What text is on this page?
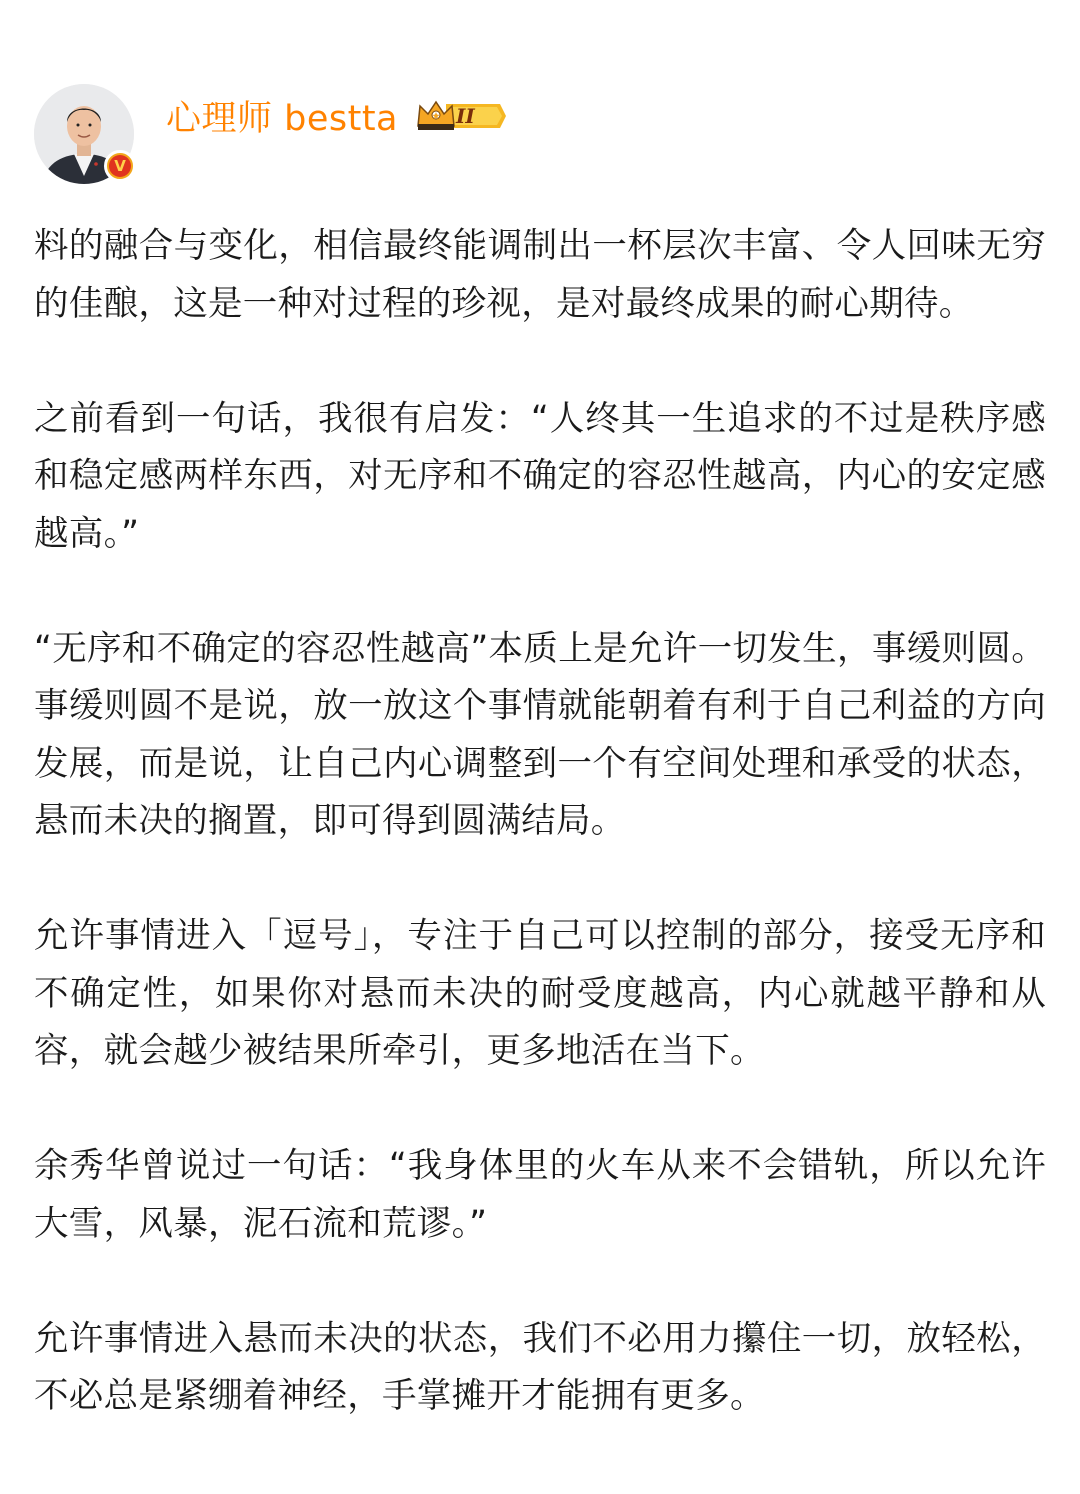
V
心理师 bestta

料的融合与变化，相信最终能调制出一杯层次丰富、令人回味无穷的佳酿，这是一种对过程的珍视，是对最终成果的耐心期待。

之前看到一句话，我很有启发：“人终其一生追求的不过是秩序感和稳定感两样东西，对无序和不确定的容忍性越高，内心的安定感越高。”

“无序和不确定的容忍性越高”本质上是允许一切发生，事缓则圆。事缓则圆不是说，放一放这个事情就能朝着有利于自己利益的方向发展，而是说，让自己内心调整到一个有空间处理和承受的状态，悬而未决的搁置，即可得到圆满结局。

允许事情进入「逗号」，专注于自己可以控制的部分，接受无序和不确定性，如果你对悬而未决的耐受度越高，内心就越平静和从容，就会越少被结果所牵引，更多地活在当下。

余秀华曾说过一句话：“我身体里的火车从来不会错轨，所以允许大雪，风暴，泥石流和荒谬。”

允许事情进入悬而未决的状态，我们不必用力攥住一切，放轻松，不必总是紧绷着神经，手掌摊开才能拥有更多。
